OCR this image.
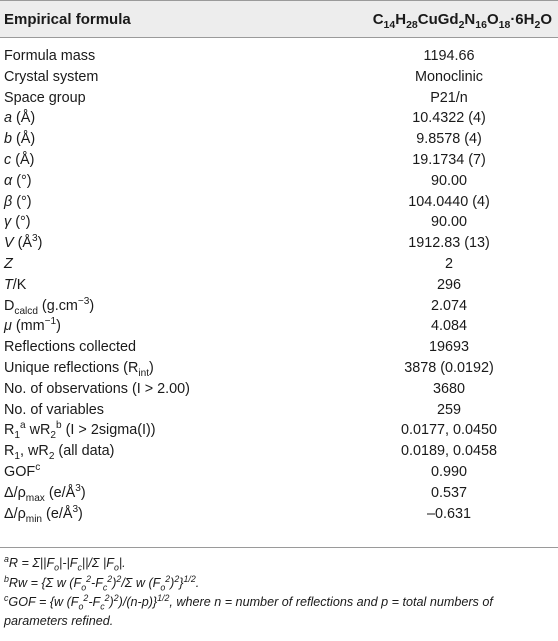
Empirical formula	$C_{14}H_{28}CuGd_2N_{16}O_{18}\cdot 6H_2O$
Formula mass	1194.66
Crystal system	Monoclinic
Space group	P21/n
a (Å)	10.4322 (4)
b (Å)	9.8578 (4)
c (Å)	19.1734 (7)
α (°)	90.00
β (°)	104.0440 (4)
γ (°)	90.00
V $(Å^3)$	1912.83 (13)
Z	2
T/K	296
$D_{calcd}$ $(g.cm^{-3})$	2.074
μ $(mm^{-1})$	4.084
Reflections collected	19693
Unique reflections $(R_{int})$	3878 (0.0192)
No. of observations (I > 2.00)	3680
No. of variables	259
$R_1^a$ $wR_2^b$ (I > 2sigma(I))	0.0177, 0.0450
$R_1$, $wR_2$ (all data)	0.0189, 0.0458
GOF$^c$	0.990
$\Delta/\rho_{max}$ $(e/Å^3)$	0.537
$\Delta/\rho_{min}$ $(e/Å^3)$	–0.631
$^aR = \Sigma||F_o|-|F_c||/\Sigma$ $|F_o|$.
$^b$Rw = {Σ w $(F_o^2-F_c^2)^2/\Sigma$ w $(F_o^2)^2\}^{1/2}$.
$^c$GOF = {w $(F_o^2-F_c^2)^2)/(n-p)\}^{1/2}$, where n = number of reflections and p = total numbers of parameters refined.
